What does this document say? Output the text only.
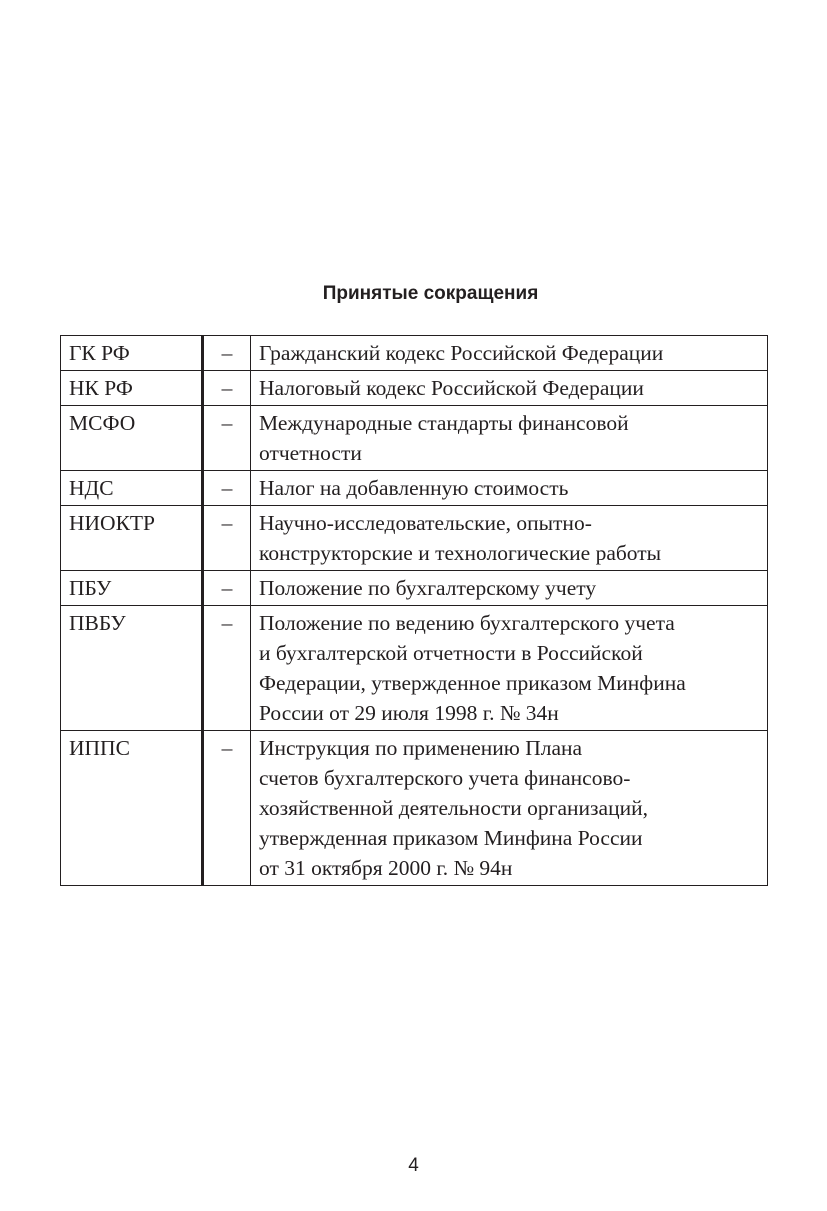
Принятые сокращения
ГК РФ	–	Гражданский кодекс Российской Федерации

НК РФ	–	Налоговый кодекс Российской Федерации

МСФО	–	Международные стандарты финансовой
отчетности

НДС	–	Налог на добавленную стоимость

НИОКТР	–	Научно-исследовательские, опытно-
конструкторские и технологические работы

ПБУ	–	Положение по бухгалтерскому учету

ПВБУ	–	Положение по ведению бухгалтерского учета
и бухгалтерской отчетности в Российской
Федерации, утвержденное приказом Минфина
России от 29 июля 1998 г. № 34н

ИППС	–	Инструкция по применению Плана
счетов бухгалтерского учета финансово-
хозяйственной деятельности организаций,
утвержденная приказом Минфина России
от 31 октября 2000 г. № 94н
4
